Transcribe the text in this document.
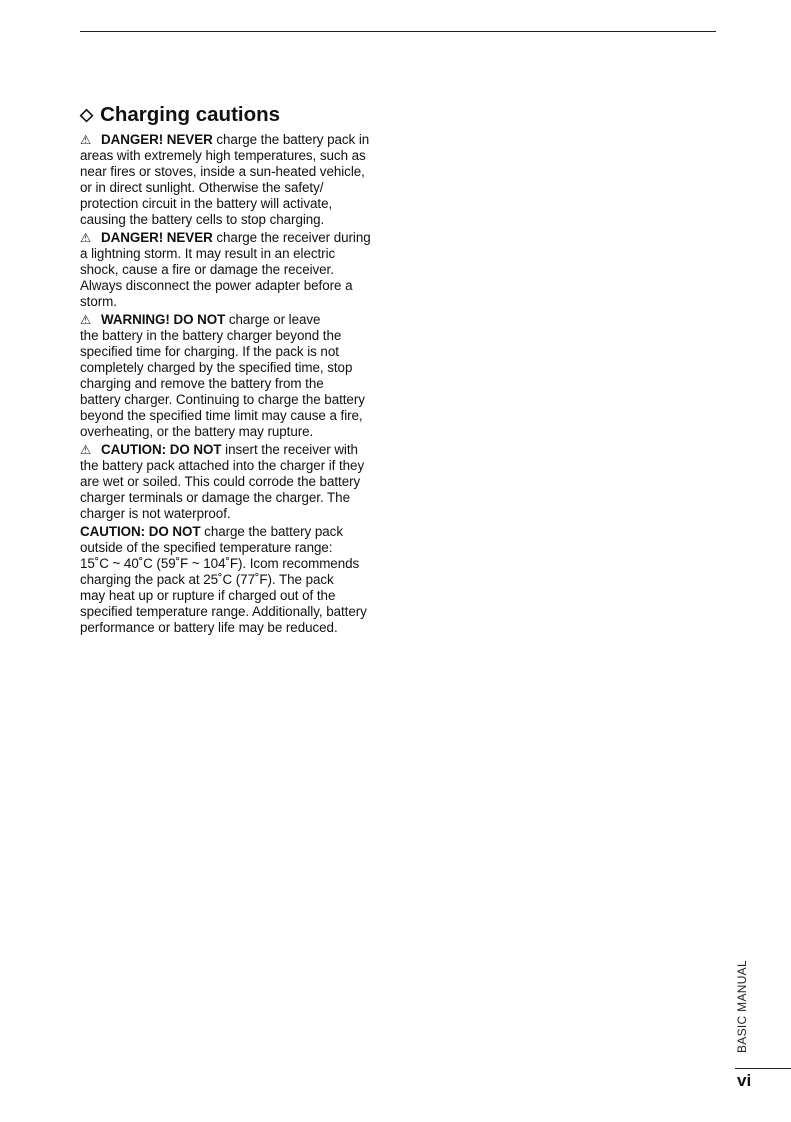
◇ Charging cautions
⚠ DANGER! NEVER charge the battery pack in
areas with extremely high temperatures, such as
near fires or stoves, inside a sun-heated vehicle,
or in direct sunlight. Otherwise the safety/
protection circuit in the battery will activate,
causing the battery cells to stop charging.
⚠ DANGER! NEVER charge the receiver during
a lightning storm. It may result in an electric
shock, cause a fire or damage the receiver.
Always disconnect the power adapter before a
storm.
⚠ WARNING! DO NOT charge or leave
the battery in the battery charger beyond the
specified time for charging. If the pack is not
completely charged by the specified time, stop
charging and remove the battery from the
battery charger. Continuing to charge the battery
beyond the specified time limit may cause a fire,
overheating, or the battery may rupture.
⚠ CAUTION: DO NOT insert the receiver with
the battery pack attached into the charger if they
are wet or soiled. This could corrode the battery
charger terminals or damage the charger. The
charger is not waterproof.
CAUTION: DO NOT charge the battery pack
outside of the specified temperature range:
15˚C ~ 40˚C (59˚F ~ 104˚F). Icom recommends
charging the pack at 25˚C (77˚F). The pack
may heat up or rupture if charged out of the
specified temperature range. Additionally, battery
performance or battery life may be reduced.
BASIC MANUAL
vi
